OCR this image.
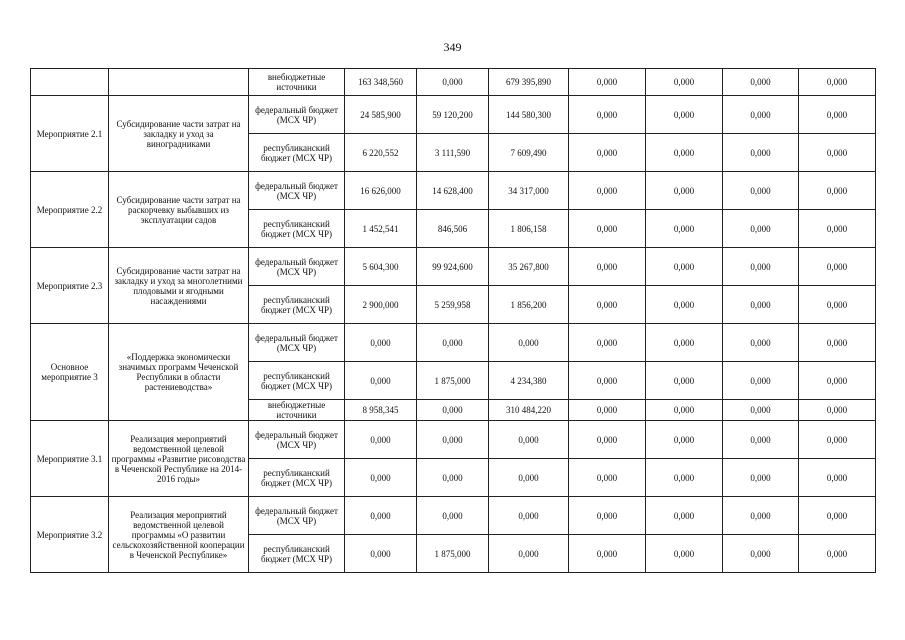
349
		внебюджетные источники	163 348,560	0,000	679 395,890	0,000	0,000	0,000	0,000
Мероприятие 2.1	Субсидирование части затрат на закладку и уход за виноградниками	федеральный бюджет (МСХ ЧР)	24 585,900	59 120,200	144 580,300	0,000	0,000	0,000	0,000
		республиканский бюджет (МСХ ЧР)	6 220,552	3 111,590	7 609,490	0,000	0,000	0,000	0,000
Мероприятие 2.2	Субсидирование части затрат на раскорчевку выбывших из эксплуатации садов	федеральный бюджет (МСХ ЧР)	16 626,000	14 628,400	34 317,000	0,000	0,000	0,000	0,000
		республиканский бюджет (МСХ ЧР)	1 452,541	846,506	1 806,158	0,000	0,000	0,000	0,000
Мероприятие 2.3	Субсидирование части затрат на закладку и уход за многолетними плодовыми и ягодными насаждениями	федеральный бюджет (МСХ ЧР)	5 604,300	99 924,600	35 267,800	0,000	0,000	0,000	0,000
		республиканский бюджет (МСХ ЧР)	2 900,000	5 259,958	1 856,200	0,000	0,000	0,000	0,000
Основное мероприятие 3	«Поддержка экономически значимых программ Чеченской Республики в области растениеводства»	федеральный бюджет (МСХ ЧР)	0,000	0,000	0,000	0,000	0,000	0,000	0,000
		республиканский бюджет (МСХ ЧР)	0,000	1 875,000	4 234,380	0,000	0,000	0,000	0,000
		внебюджетные источники	8 958,345	0,000	310 484,220	0,000	0,000	0,000	0,000
Мероприятие 3.1	Реализация мероприятий ведомственной целевой программы «Развитие рисоводства в Чеченской Республике на 2014-2016 годы»	федеральный бюджет (МСХ ЧР)	0,000	0,000	0,000	0,000	0,000	0,000	0,000
		республиканский бюджет (МСХ ЧР)	0,000	0,000	0,000	0,000	0,000	0,000	0,000
Мероприятие 3.2	Реализация мероприятий ведомственной целевой программы «О развитии сельскохозяйственной кооперации в Чеченской Республике»	федеральный бюджет (МСХ ЧР)	0,000	0,000	0,000	0,000	0,000	0,000	0,000
		республиканский бюджет (МСХ ЧР)	0,000	1 875,000	0,000	0,000	0,000	0,000	0,000
